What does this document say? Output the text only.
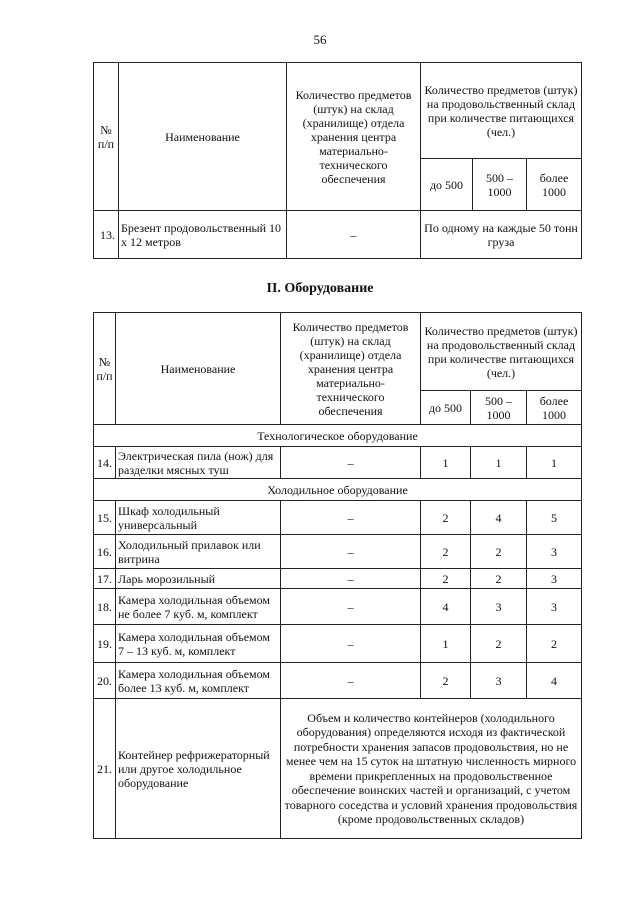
56
№ п/п	Наименование	Количество предметов (штук) на склад (хранилище) отдела хранения центра материально-технического обеспечения	Количество предметов (штук) на продовольственный склад при количестве питающихся (чел.)		
			до 500	500 – 1000	более 1000
13.	Брезент продовольственный 10 х 12 метров	–	По одному на каждые 50 тонн груза		
II. Оборудование
№ п/п	Наименование	Количество предметов (штук) на склад (хранилище) отдела хранения центра материально-технического обеспечения	Количество предметов (штук) на продовольственный склад при количестве питающихся (чел.)		
			до 500	500 – 1000	более 1000
Технологическое оборудование					
14.	Электрическая пила (нож) для разделки мясных туш	–	1	1	1
Холодильное оборудование					
15.	Шкаф холодильный универсальный	–	2	4	5
16.	Холодильный прилавок или витрина	–	2	2	3
17.	Ларь морозильный	–	2	2	3
18.	Камера холодильная объемом не более 7 куб. м, комплект	–	4	3	3
19.	Камера холодильная объемом 7 – 13 куб. м, комплект	–	1	2	2
20.	Камера холодильная объемом более 13 куб. м, комплект	–	2	3	4
21.	Контейнер рефрижераторный или другое холодильное оборудование	Объем и количество контейнеров (холодильного оборудования) определяются исходя из фактической потребности хранения запасов продовольствия, но не менее чем на 15 суток на штатную численность мирного времени прикрепленных на продовольственное обеспечение воинских частей и организаций, с учетом товарного соседства и условий хранения продовольствия (кроме продовольственных складов)			
